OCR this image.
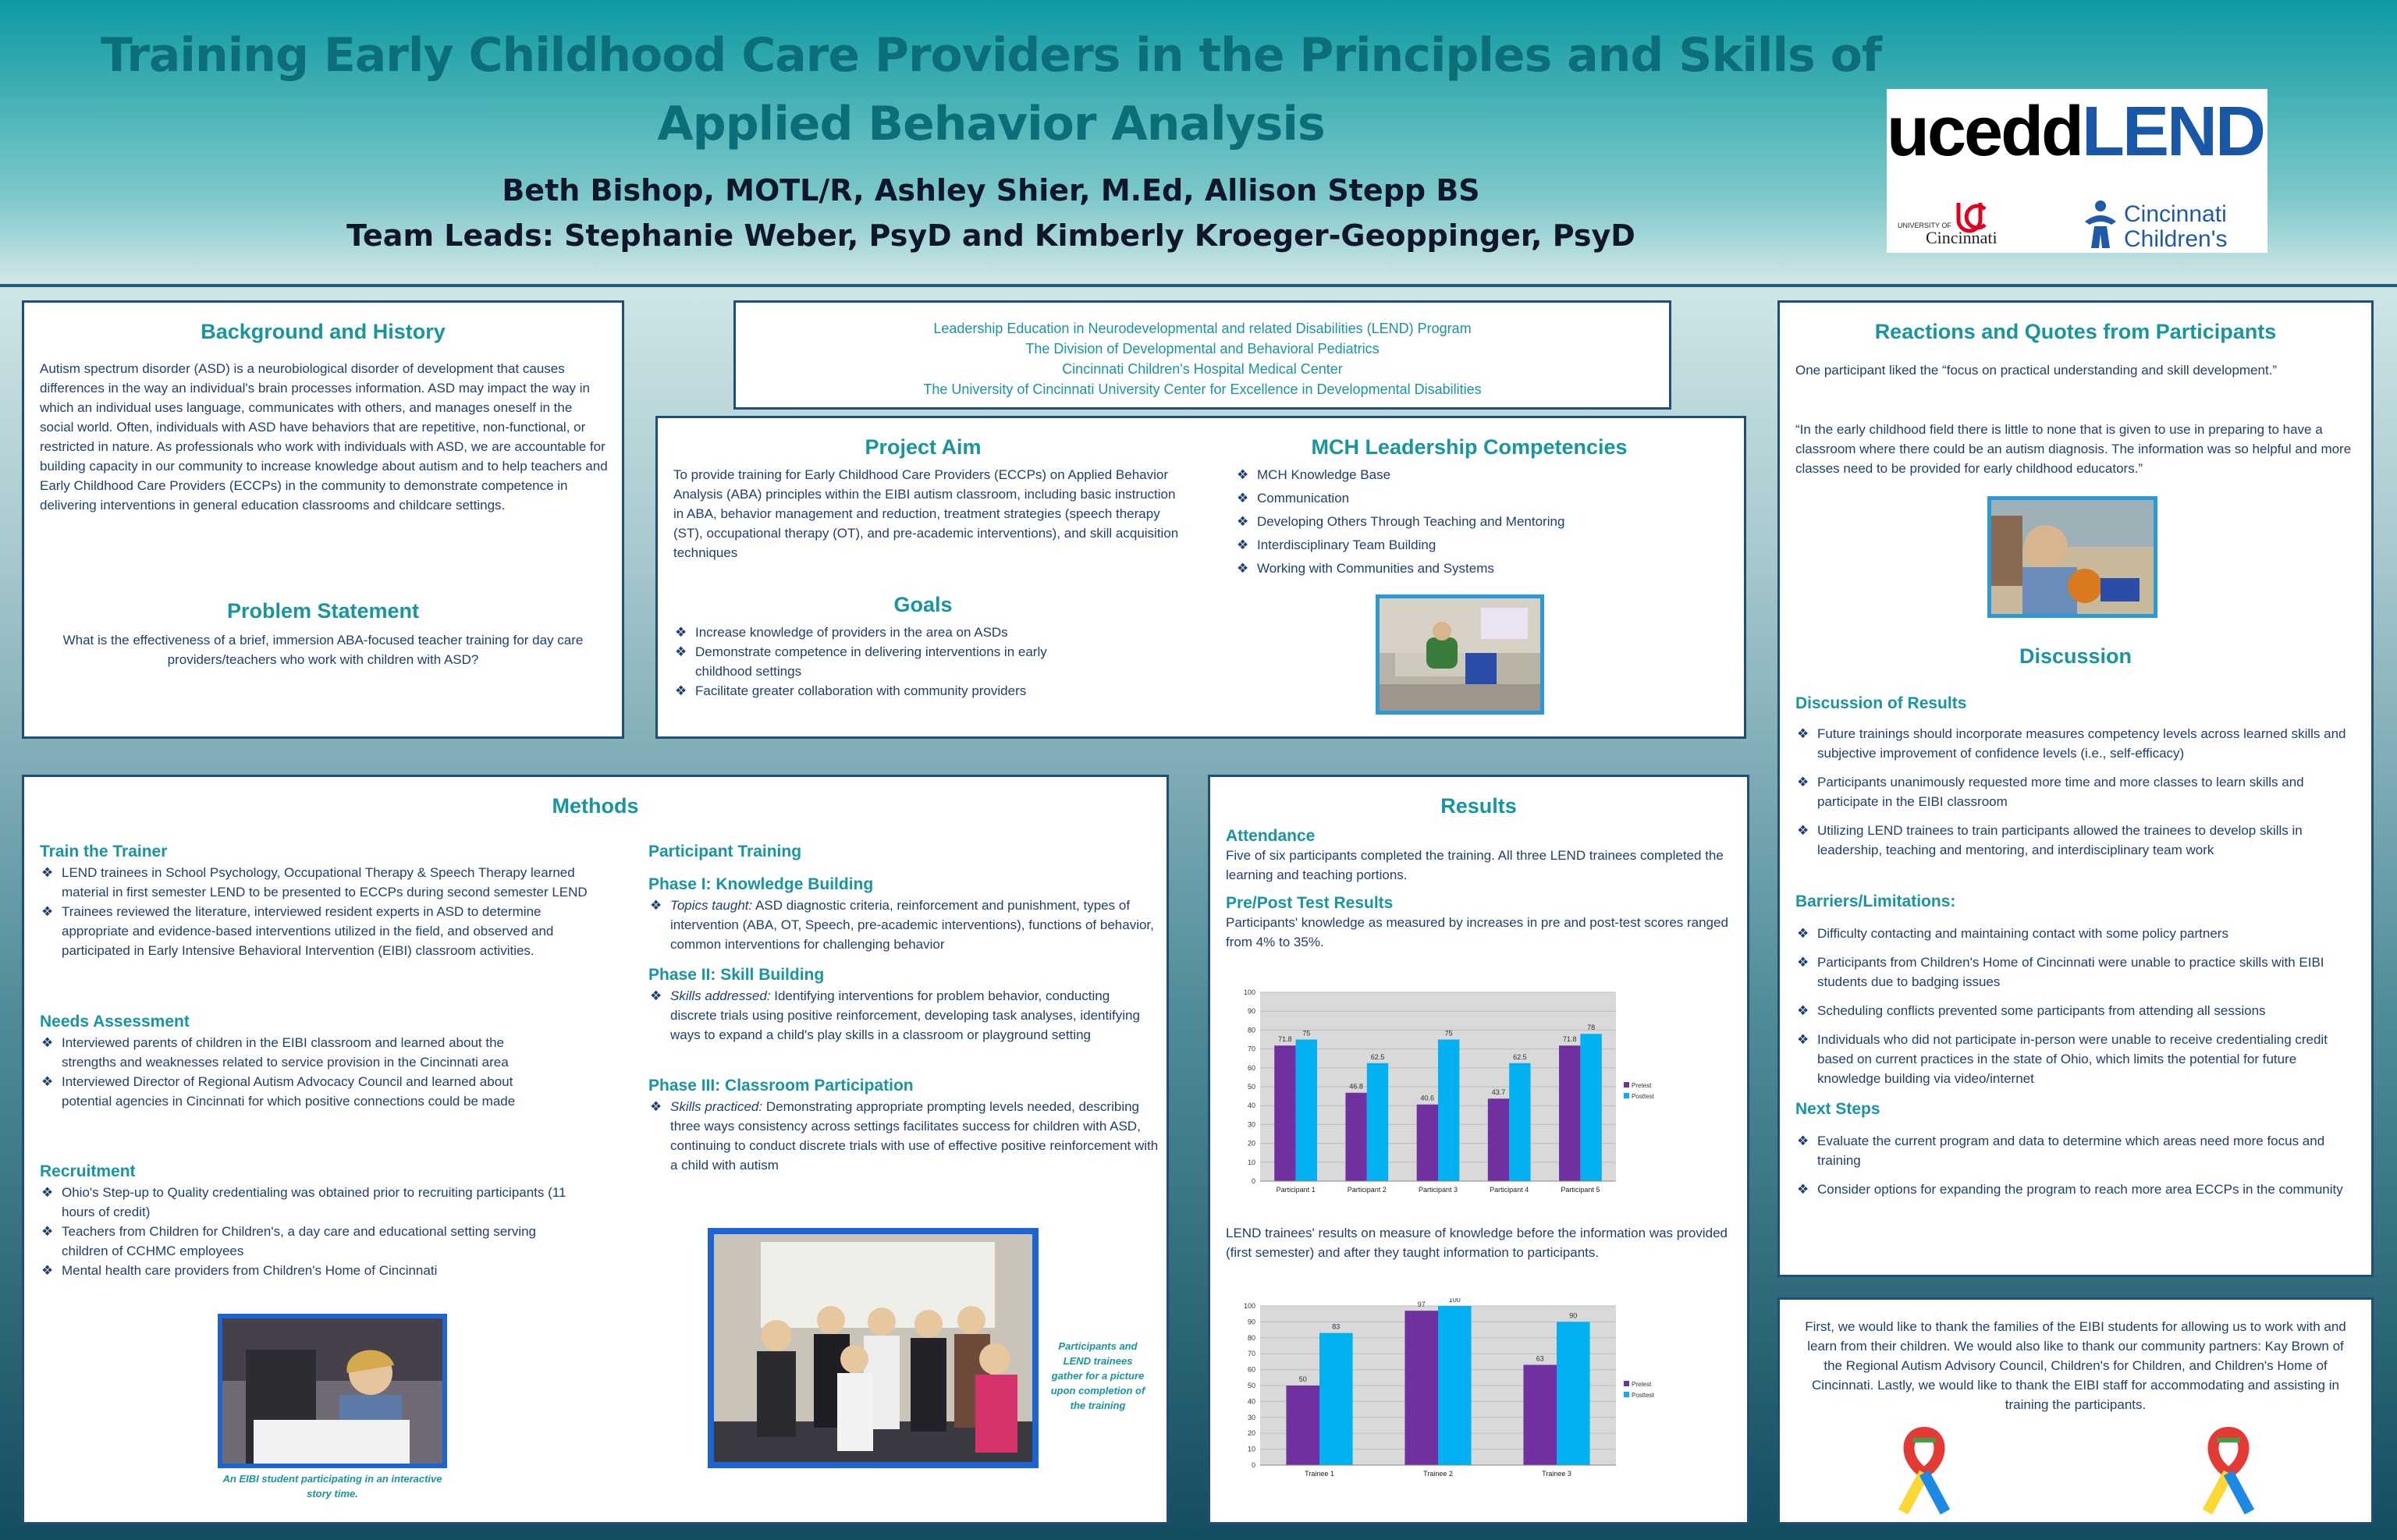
Training Early Childhood Care Providers in the Principles and Skills of
Applied Behavior Analysis
Beth Bishop, MOTL/R, Ashley Shier, M.Ed, Allison Stepp BS
Team Leads: Stephanie Weber, PsyD and Kimberly Kroeger-Geoppinger, PsyD
uceddLEND
UNIVERSITY OF
Cincinnati
Cincinnati
Children's
Background and History

Autism spectrum disorder (ASD) is a neurobiological disorder of development that causes differences in the way an individual's brain processes information. ASD may impact the way in which an individual uses language, communicates with others, and manages oneself in the social world. Often, individuals with ASD have behaviors that are repetitive, non-functional, or restricted in nature. As professionals who work with individuals with ASD, we are accountable for building capacity in our community to increase knowledge about autism and to help teachers and Early Childhood Care Providers (ECCPs) in the community to demonstrate competence in delivering interventions in general education classrooms and childcare settings.

Problem Statement

What is the effectiveness of a brief, immersion ABA-focused teacher training for day care providers/teachers who work with children with ASD?

Leadership Education in Neurodevelopmental and related Disabilities (LEND) Program
The Division of Developmental and Behavioral Pediatrics
Cincinnati Children's Hospital Medical Center
The University of Cincinnati University Center for Excellence in Developmental Disabilities
Project Aim

To provide training for Early Childhood Care Providers (ECCPs) on Applied Behavior Analysis (ABA) principles within the EIBI autism classroom, including basic instruction in ABA, behavior management and reduction, treatment strategies (speech therapy (ST), occupational therapy (OT), and pre-academic interventions), and skill acquisition techniques

Goals
❖ Increase knowledge of providers in the area on ASDs
❖ Demonstrate competence in delivering interventions in early childhood settings
❖ Facilitate greater collaboration with community providers
MCH Leadership Competencies
❖ MCH Knowledge Base
❖ Communication
❖ Developing Others Through Teaching and Mentoring
❖ Interdisciplinary Team Building
❖ Working with Communities and Systems
Reactions and Quotes from Participants

One participant liked the “focus on practical understanding and skill development.”

“In the early childhood field there is little to none that is given to use in preparing to have a classroom where there could be an autism diagnosis. The information was so helpful and more classes need to be provided for early childhood educators.”

Discussion
Discussion of Results
❖ Future trainings should incorporate measures competency levels across learned skills and subjective improvement of confidence levels (i.e., self-efficacy)
❖ Participants unanimously requested more time and more classes to learn skills and participate in the EIBI classroom
❖ Utilizing LEND trainees to train participants allowed the trainees to develop skills in leadership, teaching and mentoring, and interdisciplinary team work
Barriers/Limitations:
❖ Difficulty contacting and maintaining contact with some policy partners
❖ Participants from Children's Home of Cincinnati were unable to practice skills with EIBI students due to badging issues
❖ Scheduling conflicts prevented some participants from attending all sessions
❖ Individuals who did not participate in-person were unable to receive credentialing credit based on current practices in the state of Ohio, which limits the potential for future knowledge building via video/internet
Next Steps
❖ Evaluate the current program and data to determine which areas need more focus and training
❖ Consider options for expanding the program to reach more area ECCPs in the community
Methods
Train the Trainer
❖ LEND trainees in School Psychology, Occupational Therapy & Speech Therapy learned material in first semester LEND to be presented to ECCPs during second semester LEND
❖ Trainees reviewed the literature, interviewed resident experts in ASD to determine appropriate and evidence-based interventions utilized in the field, and observed and participated in Early Intensive Behavioral Intervention (EIBI) classroom activities.
Needs Assessment
❖ Interviewed parents of children in the EIBI classroom and learned about the strengths and weaknesses related to service provision in the Cincinnati area
❖ Interviewed Director of Regional Autism Advocacy Council and learned about potential agencies in Cincinnati for which positive connections could be made
Recruitment
❖ Ohio's Step-up to Quality credentialing was obtained prior to recruiting participants (11 hours of credit)
❖ Teachers from Children for Children's, a day care and educational setting serving children of CCHMC employees
❖ Mental health care providers from Children's Home of Cincinnati
An EIBI student participating in an interactive story time.
Participant Training
Phase I: Knowledge Building
❖ Topics taught: ASD diagnostic criteria, reinforcement and punishment, types of intervention (ABA, OT, Speech, pre-academic interventions), functions of behavior, common interventions for challenging behavior
Phase II: Skill Building
❖ Skills addressed: Identifying interventions for problem behavior, conducting discrete trials using positive reinforcement, developing task analyses, identifying ways to expand a child's play skills in a classroom or playground setting
Phase III: Classroom Participation
❖ Skills practiced: Demonstrating appropriate prompting levels needed, describing three ways consistency across settings facilitates success for children with ASD, continuing to conduct discrete trials with use of effective positive reinforcement with a child with autism
Participants and LEND trainees gather for a picture upon completion of the training
Results
Attendance

Five of six participants completed the training. All three LEND trainees completed the learning and teaching portions.

Pre/Post Test Results

Participants' knowledge as measured by increases in pre and post-test scores ranged from 4% to 35%.

0
10
20
30
40
50
60
70
80
90
100
71.8
75
Participant 1
46.8
62.5
Participant 2
40.6
75
Participant 3
43.7
62.5
Participant 4
71.8
78
Participant 5
Pretest
Posttest

LEND trainees' results on measure of knowledge before the information was provided (first semester) and after they taught information to participants.

0
10
20
30
40
50
60
70
80
90
100
50
83
Trainee 1
97
100
Trainee 2
63
90
Trainee 3
Pretest
Posttest

First, we would like to thank the families of the EIBI students for allowing us to work with and learn from their children. We would also like to thank our community partners: Kay Brown of the Regional Autism Advisory Council, Children's for Children, and Children's Home of Cincinnati. Lastly, we would like to thank the EIBI staff for accommodating and assisting in training the participants.
